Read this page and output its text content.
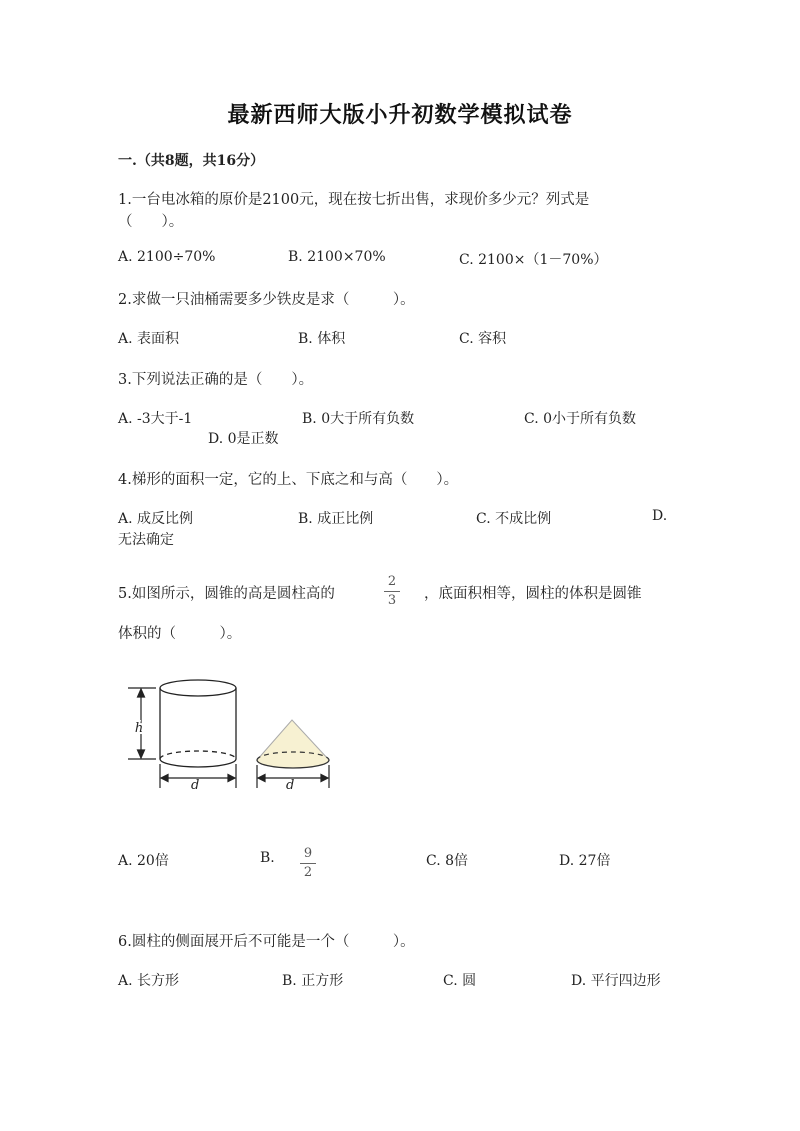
最新西师大版小升初数学模拟试卷
一.（共8题，共16分）
1.一台电冰箱的原价是2100元，现在按七折出售，求现价多少元？列式是
（　　）。
A. 2100÷70%	B. 2100×70%	C. 2100×（1－70%）
2.求做一只油桶需要多少铁皮是求（　　　）。
A. 表面积	B. 体积	C. 容积
3.下列说法正确的是（　　）。
A. -3大于-1	B. 0大于所有负数	C. 0小于所有负数
D. 0是正数
4.梯形的面积一定，它的上、下底之和与高（　　）。
A. 成反比例	B. 成正比例	C. 不成比例	D.
无法确定
5.如图所示，圆锥的高是圆柱高的
2
3	，底面积相等，圆柱的体积是圆锥
体积的（　　　）。
h
d	d
A. 20倍	B.	9
2
C. 8倍	D. 27倍
6.圆柱的侧面展开后不可能是一个（　　　）。
A. 长方形	B. 正方形	C. 圆	D. 平行四边形
